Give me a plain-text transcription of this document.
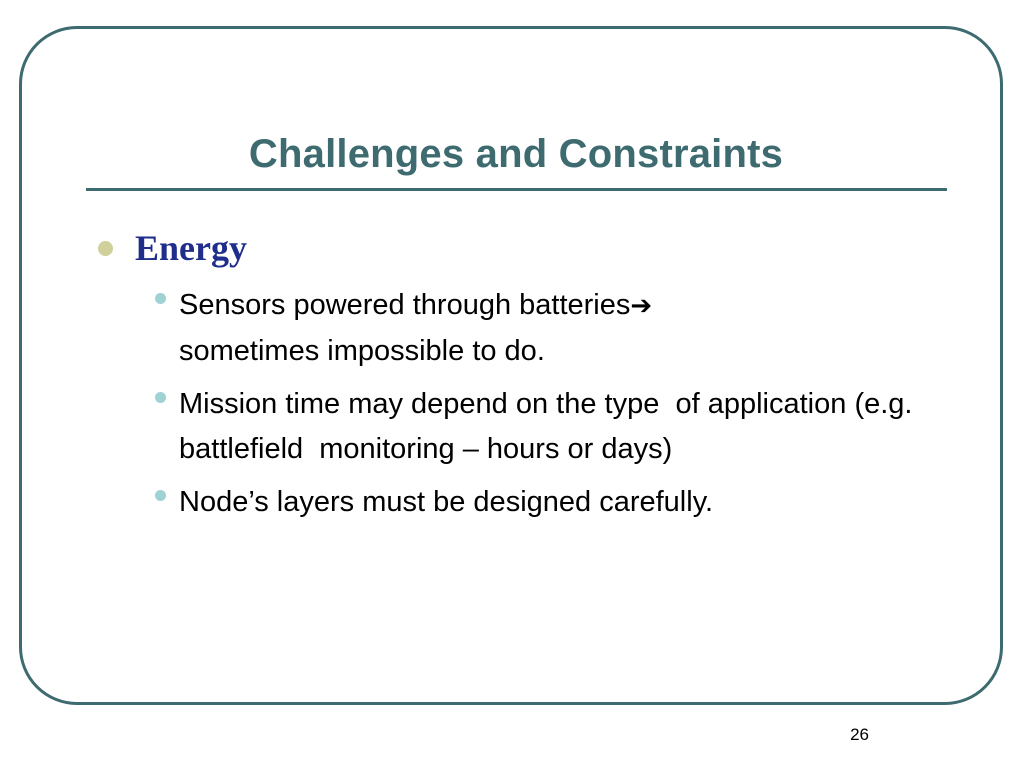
Challenges and Constraints
Energy
Sensors powered through batteries➔
sometimes impossible to do.
Mission time may depend on the type  of application (e.g. battlefield  monitoring – hours or days)
Node’s layers must be designed carefully.
26
